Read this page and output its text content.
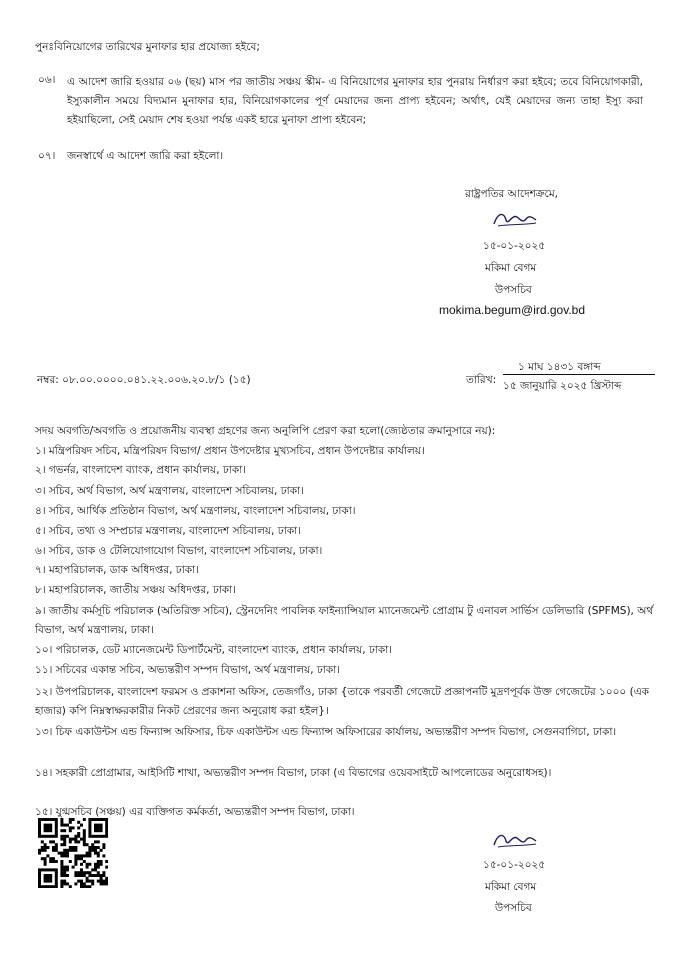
পুনঃবিনিয়োগের তারিখের মুনাফার হার প্রযোজ্য হইবে;
০৬। এ আদেশ জারি হওয়ার ০৬ (ছয়) মাস পর জাতীয় সঞ্চয় স্কীম- এ বিনিয়োগের মুনাফার হার পুনরায় নির্ধারণ করা হইবে; তবে বিনিয়োগকারী, ইস্যুকালীন সময়ে বিদ্যমান মুনাফার হার, বিনিয়োগকালের পূর্ণ মেয়াদের জন্য প্রাপ্য হইবেন; অর্থাৎ, যেই মেয়াদের জন্য তাহা ইস্যু করা হইয়াছিলো, সেই মেয়াদ শেষ হওয়া পর্যন্ত একই হারে মুনাফা প্রাপ্য হইবেন;
০৭। জনস্বার্থে এ আদেশ জারি করা হইলো।
রাষ্ট্রপতির আদেশক্রমে,
১৫-০১-২০২৫
মকিমা বেগম
উপসচিব
mokima.begum@ird.gov.bd
নম্বর: ০৮.০০.০০০০.০৪১.২২.০০৬.২০.৮/১ (১৫)	তারিখ:
১ মাঘ ১৪৩১ বঙ্গাব্দ
১৫ জানুয়ারি ২০২৫ খ্রিস্টাব্দ
সদয় অবগতি/অবগতি ও প্রয়োজনীয় ব্যবস্থা গ্রহণের জন্য অনুলিপি প্রেরণ করা হলো(জ্যেষ্ঠতার ক্রমানুসারে নয়):
১। মন্ত্রিপরিষদ সচিব, মন্ত্রিপরিষদ বিভাগ/ প্রধান উপদেষ্টার মুখ্যসচিব, প্রধান উপদেষ্টার কার্যালয়।
২। গভর্নর, বাংলাদেশ ব্যাংক, প্রধান কার্যালয়, ঢাকা।
৩। সচিব, অর্থ বিভাগ, অর্থ মন্ত্রণালয়, বাংলাদেশ সচিবালয়, ঢাকা।
৪। সচিব, আর্থিক প্রতিষ্ঠান বিভাগ, অর্থ মন্ত্রণালয়, বাংলাদেশ সচিবালয়, ঢাকা।
৫। সচিব, তথ্য ও সম্প্রচার মন্ত্রণালয়, বাংলাদেশ সচিবালয়, ঢাকা।
৬। সচিব, ডাক ও টেলিযোগাযোগ বিভাগ, বাংলাদেশ সচিবালয়, ঢাকা।
৭। মহাপরিচালক, ডাক অধিদপ্তর, ঢাকা।
৮। মহাপরিচালক, জাতীয় সঞ্চয় অধিদপ্তর, ঢাকা।
৯। জাতীয় কর্মসূচি পরিচালক (অতিরিক্ত সচিব), স্ট্রেনদেনিং পাবলিক ফাইন্যান্সিয়াল ম্যানেজমেন্ট প্রোগ্রাম টু এনাবল সার্ভিস ডেলিভারি (SPFMS), অর্থ বিভাগ, অর্থ মন্ত্রণালয়, ঢাকা।
১০। পরিচালক, ডেট ম্যানেজমেন্ট ডিপার্টমেন্ট, বাংলাদেশ ব্যাংক, প্রধান কার্যালয়, ঢাকা।
১১। সচিবের একান্ত সচিব, অভ্যন্তরীণ সম্পদ বিভাগ, অর্থ মন্ত্রণালয়, ঢাকা।
১২। উপপরিচালক, বাংলাদেশ ফরমস ও প্রকাশনা অফিস, তেজগাঁও, ঢাকা {তাকে পরবর্তী গেজেটে প্রজ্ঞাপনটি মুদ্রণপূর্বক উক্ত গেজেটের ১০০০ (এক হাজার) কপি নিম্নস্বাক্ষরকারীর নিকট প্রেরণের জন্য অনুরোধ করা হইল}।
১৩। চিফ একাউন্টস এন্ড ফিন্যান্স অফিসার, চিফ একাউন্টস এন্ড ফিন্যান্স অফিসারের কার্যালয়, অভ্যন্তরীণ সম্পদ বিভাগ, সেগুনবাগিচা, ঢাকা।
১৪। সহকারী প্রোগ্রামার, আইসিটি শাখা, অভ্যন্তরীণ সম্পদ বিভাগ, ঢাকা (এ বিভাগের ওয়েবসাইটে আপলোডের অনুরোধসহ)।
১৫। যুগ্মসচিব (সঞ্চয়) এর ব্যক্তিগত কর্মকর্তা, অভ্যন্তরীণ সম্পদ বিভাগ, ঢাকা।
১৫-০১-২০২৫
মকিমা বেগম
উপসচিব
